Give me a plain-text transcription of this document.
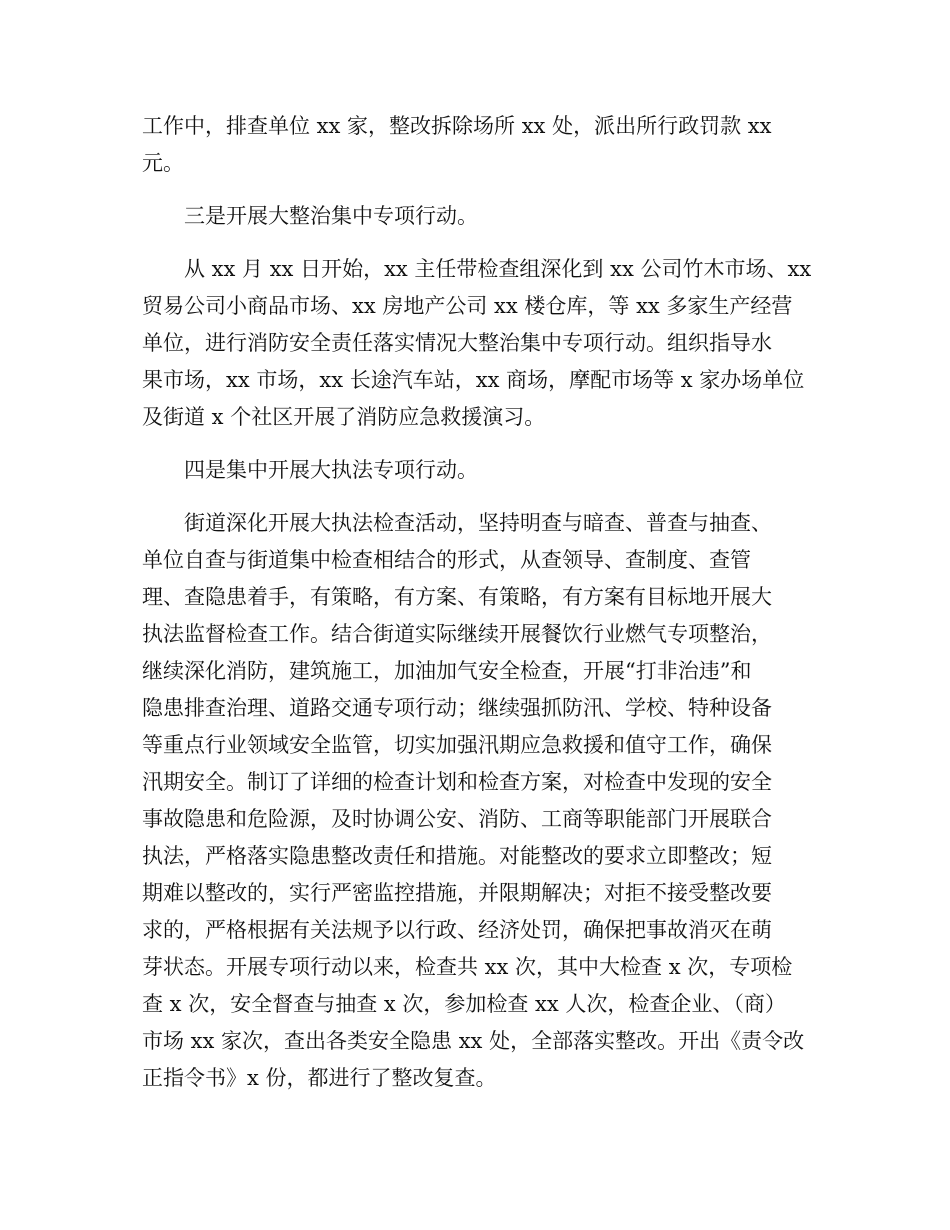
工作中，排查单位 xx 家，整改拆除场所 xx 处，派出所行政罚款 xx
元。

三是开展大整治集中专项行动。

从 xx 月 xx 日开始，xx 主任带检查组深化到 xx 公司竹木市场、xx
贸易公司小商品市场、xx 房地产公司 xx 楼仓库，等 xx 多家生产经营
单位，进行消防安全责任落实情况大整治集中专项行动。组织指导水
果市场，xx 市场，xx 长途汽车站，xx 商场，摩配市场等 x 家办场单位
及街道 x 个社区开展了消防应急救援演习。

四是集中开展大执法专项行动。

街道深化开展大执法检查活动，坚持明查与暗查、普查与抽查、
单位自查与街道集中检查相结合的形式，从查领导、查制度、查管
理、查隐患着手，有策略，有方案、有策略，有方案有目标地开展大
执法监督检查工作。结合街道实际继续开展餐饮行业燃气专项整治，
继续深化消防，建筑施工，加油加气安全检查，开展“打非治违”和
隐患排查治理、道路交通专项行动；继续强抓防汛、学校、特种设备
等重点行业领域安全监管，切实加强汛期应急救援和值守工作，确保
汛期安全。制订了详细的检查计划和检查方案，对检查中发现的安全
事故隐患和危险源，及时协调公安、消防、工商等职能部门开展联合
执法，严格落实隐患整改责任和措施。对能整改的要求立即整改；短
期难以整改的，实行严密监控措施，并限期解决；对拒不接受整改要
求的，严格根据有关法规予以行政、经济处罚，确保把事故消灭在萌
芽状态。开展专项行动以来，检查共 xx 次，其中大检查 x 次，专项检
查 x 次，安全督查与抽查 x 次，参加检查 xx 人次，检查企业、（商）
市场 xx 家次，查出各类安全隐患 xx 处，全部落实整改。开出《责令改
正指令书》x 份，都进行了整改复查。
